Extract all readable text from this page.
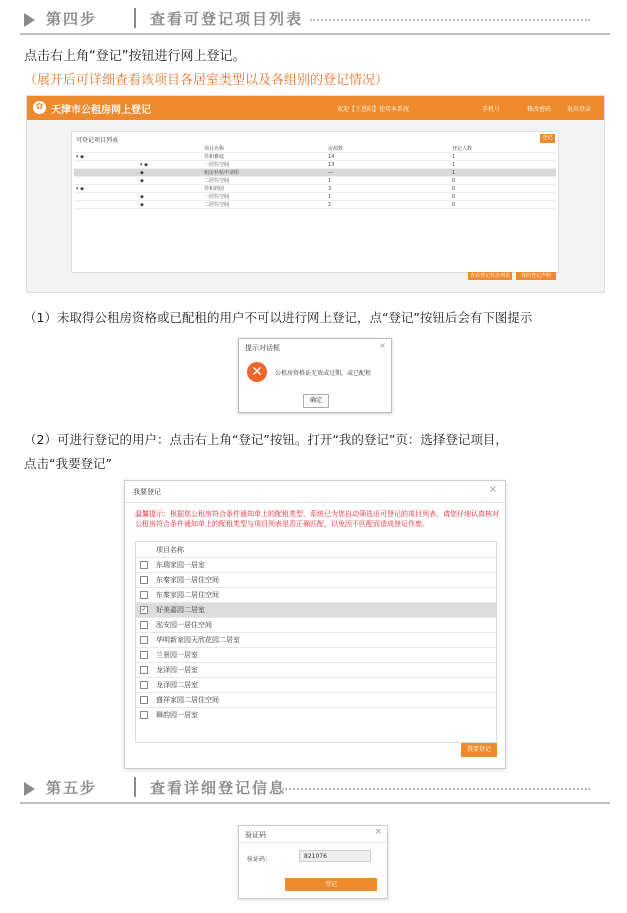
第四步	查看可登记项目列表
点击右上角“登记”按钮进行网上登记。
（展开后可详细查看该项目各居室类型以及各组别的登记情况）
✿ 天津市公租房网上登记	欢迎【王恩阳】使用本系统	手机号	修改密码	退出登录
可登记项目列表	登记
		项目名称	房源数	登记人数
▾ ◆		佳和雅庭	14	1
	▾ ◆	一居住空间	13	1
	◆	租房补贴申请组	—	1
	◆	二居住空间	1	0
▾ ◆		佳和润园	3	0
	◆	一居住空间	1	0
	◆	二居住空间	2	0
查看登记状态列表	我的登记声明
（1）未取得公租房资格或已配租的用户不可以进行网上登记，点“登记”按钮后会有下图提示
提示对话框	×
✕	公租房资格证无效或过期，或已配租
确定
（2）可进行登记的用户：点击右上角“登记”按钮。打开“我的登记”页：选择登记项目，
点击“我要登记”
我要登记	×
温馨提示：根据您公租房符合条件通知单上的配租类型，系统已为您自动筛选出可登记的项目列表，请您仔细认真核对公租房符合条件通知单上的配租类型与项目列表是否正确匹配，以免因不匹配而造成登记作废。
项目名称
东瑞家园一居室
东秦家园一居住空间
东秦家园二居住空间
✓ 好美嘉园二居室
泓安园一居住空间
华明新家园天欣花园二居室
兰景园一居室
龙泽园一居室
龙泽园二居室
盛祥家园二居住空间
舞韵园一居室
我要登记
第五步	查看详细登记信息
验证码	×
验证码：	821076
登记
